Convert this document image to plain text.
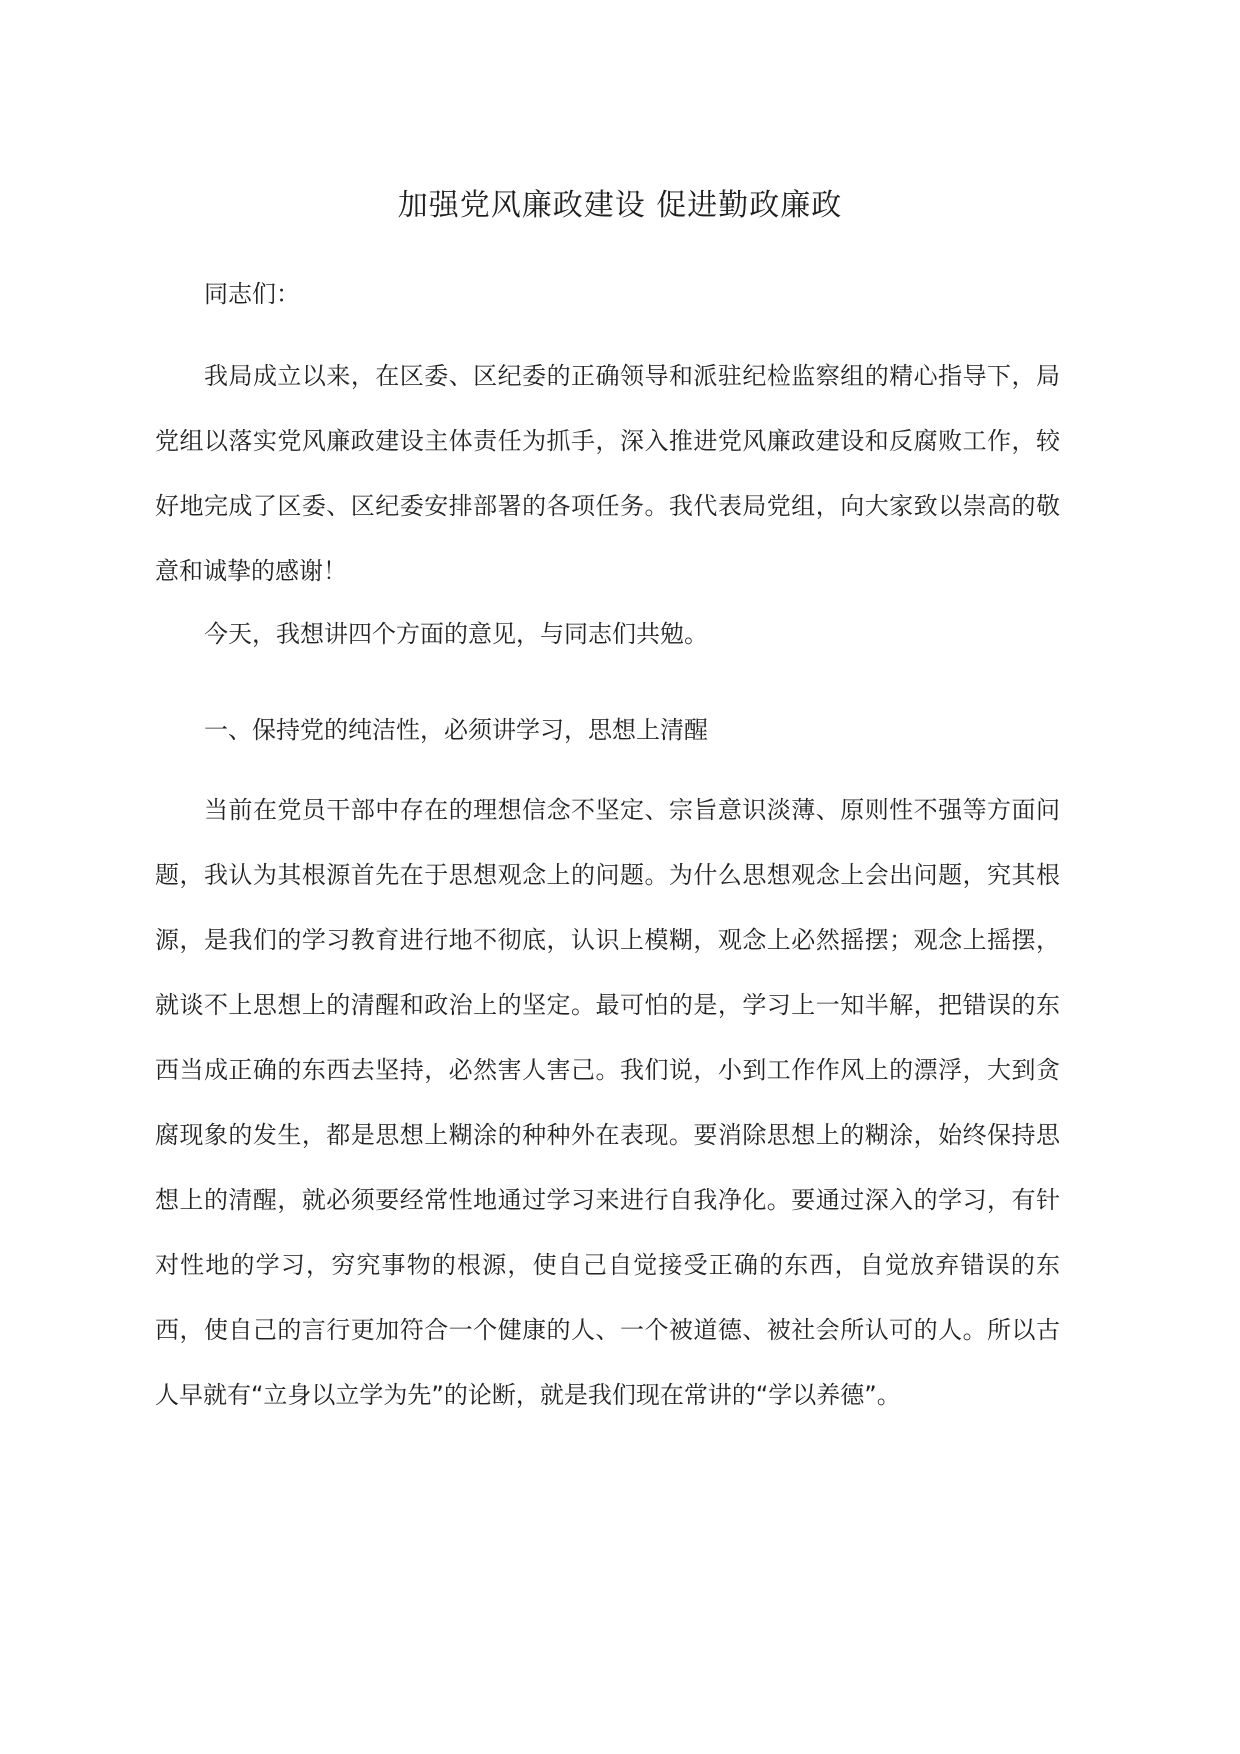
加强党风廉政建设 促进勤政廉政
同志们：

我局成立以来，在区委、区纪委的正确领导和派驻纪检监察组的精心指导下，局党组以落实党风廉政建设主体责任为抓手，深入推进党风廉政建设和反腐败工作，较好地完成了区委、区纪委安排部署的各项任务。我代表局党组，向大家致以崇高的敬意和诚挚的感谢！

今天，我想讲四个方面的意见，与同志们共勉。

一、保持党的纯洁性，必须讲学习，思想上清醒

当前在党员干部中存在的理想信念不坚定、宗旨意识淡薄、原则性不强等方面问题，我认为其根源首先在于思想观念上的问题。为什么思想观念上会出问题，究其根源，是我们的学习教育进行地不彻底，认识上模糊，观念上必然摇摆；观念上摇摆，就谈不上思想上的清醒和政治上的坚定。最可怕的是，学习上一知半解，把错误的东西当成正确的东西去坚持，必然害人害己。我们说，小到工作作风上的漂浮，大到贪腐现象的发生，都是思想上糊涂的种种外在表现。要消除思想上的糊涂，始终保持思想上的清醒，就必须要经常性地通过学习来进行自我净化。要通过深入的学习，有针对性地的学习，穷究事物的根源，使自己自觉接受正确的东西，自觉放弃错误的东西，使自己的言行更加符合一个健康的人、一个被道德、被社会所认可的人。所以古人早就有“立身以立学为先”的论断，就是我们现在常讲的“学以养德”。
